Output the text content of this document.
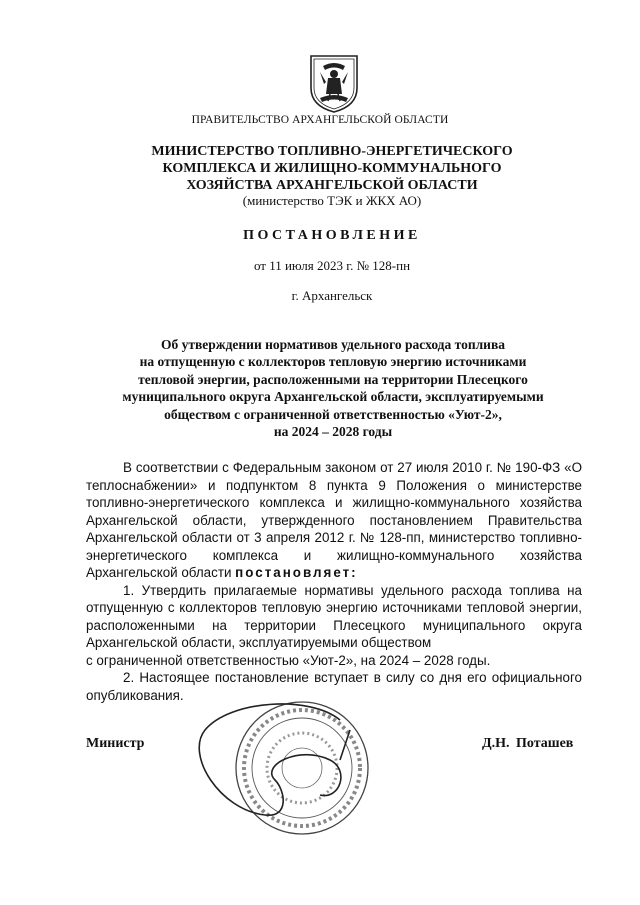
ПРАВИТЕЛЬСТВО АРХАНГЕЛЬСКОЙ ОБЛАСТИ
МИНИСТЕРСТВО ТОПЛИВНО-ЭНЕРГЕТИЧЕСКОГО
КОМПЛЕКСА И ЖИЛИЩНО-КОММУНАЛЬНОГО
ХОЗЯЙСТВА АРХАНГЕЛЬСКОЙ ОБЛАСТИ
(министерство ТЭК и ЖКХ АО)
ПОСТАНОВЛЕНИЕ
от 11 июля 2023 г. № 128-пн
г. Архангельск
Об утверждении нормативов удельного расхода топлива
на отпущенную с коллекторов тепловую энергию источниками
тепловой энергии, расположенными на территории Плесецкого
муниципального округа Архангельской области, эксплуатируемыми
обществом с ограниченной ответственностью «Уют-2»,
на 2024 – 2028 годы

В соответствии с Федеральным законом от 27 июля 2010 г. № 190-ФЗ «О теплоснабжении» и подпунктом 8 пункта 9 Положения о министерстве топливно-энергетического комплекса и жилищно-коммунального хозяйства Архангельской области, утвержденного постановлением Правительства Архангельской области от 3 апреля 2012 г. № 128-пп, министерство топливно-энергетического комплекса и жилищно-коммунального хозяйства Архангельской области постановляет:

1. Утвердить прилагаемые нормативы удельного расхода топлива на отпущенную с коллекторов тепловую энергию источниками тепловой энергии, расположенными на территории Плесецкого муниципального округа Архангельской области, эксплуатируемыми обществом

с ограниченной ответственностью «Уют-2», на 2024 – 2028 годы.

2. Настоящее постановление вступает в силу со дня его официального опубликования.

Министр	Д.Н. Поташев
